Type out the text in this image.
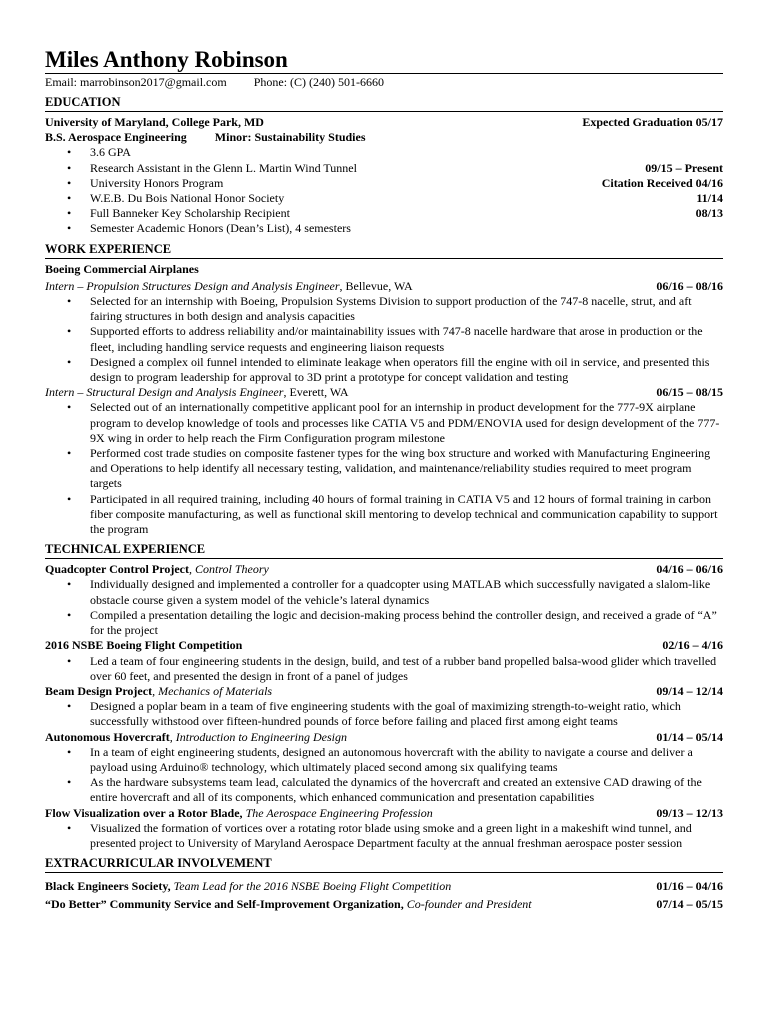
Miles Anthony Robinson
Email: marrobinson2017@gmail.com Phone: (C) (240) 501-6660
EDUCATION
University of Maryland, College Park, MD	Expected Graduation 05/17
B.S. Aerospace Engineering Minor: Sustainability Studies
• 3.6 GPA
• Research Assistant in the Glenn L. Martin Wind Tunnel	09/15 – Present
• University Honors Program	Citation Received 04/16
• W.E.B. Du Bois National Honor Society	11/14
• Full Banneker Key Scholarship Recipient	08/13
• Semester Academic Honors (Dean’s List), 4 semesters
WORK EXPERIENCE
Boeing Commercial Airplanes
Intern – Propulsion Structures Design and Analysis Engineer, Bellevue, WA	06/16 – 08/16
• Selected for an internship with Boeing, Propulsion Systems Division to support production of the 747-8 nacelle, strut, and aft fairing structures in both design and analysis capacities
• Supported efforts to address reliability and/or maintainability issues with 747-8 nacelle hardware that arose in production or the fleet, including handling service requests and engineering liaison requests
• Designed a complex oil funnel intended to eliminate leakage when operators fill the engine with oil in service, and presented this design to program leadership for approval to 3D print a prototype for concept validation and testing
Intern – Structural Design and Analysis Engineer, Everett, WA	06/15 – 08/15
• Selected out of an internationally competitive applicant pool for an internship in product development for the 777-9X airplane program to develop knowledge of tools and processes like CATIA V5 and PDM/ENOVIA used for design development of the 777-9X wing in order to help reach the Firm Configuration program milestone
• Performed cost trade studies on composite fastener types for the wing box structure and worked with Manufacturing Engineering and Operations to help identify all necessary testing, validation, and maintenance/reliability studies required to meet program targets
• Participated in all required training, including 40 hours of formal training in CATIA V5 and 12 hours of formal training in carbon fiber composite manufacturing, as well as functional skill mentoring to develop technical and communication capability to support the program
TECHNICAL EXPERIENCE
Quadcopter Control Project, Control Theory	04/16 – 06/16
• Individually designed and implemented a controller for a quadcopter using MATLAB which successfully navigated a slalom-like obstacle course given a system model of the vehicle’s lateral dynamics
• Compiled a presentation detailing the logic and decision-making process behind the controller design, and received a grade of “A” for the project
2016 NSBE Boeing Flight Competition	02/16 – 4/16
• Led a team of four engineering students in the design, build, and test of a rubber band propelled balsa-wood glider which travelled over 60 feet, and presented the design in front of a panel of judges
Beam Design Project, Mechanics of Materials	09/14 – 12/14
• Designed a poplar beam in a team of five engineering students with the goal of maximizing strength-to-weight ratio, which successfully withstood over fifteen-hundred pounds of force before failing and placed first among eight teams
Autonomous Hovercraft, Introduction to Engineering Design	01/14 – 05/14
• In a team of eight engineering students, designed an autonomous hovercraft with the ability to navigate a course and deliver a payload using Arduino® technology, which ultimately placed second among six qualifying teams
• As the hardware subsystems team lead, calculated the dynamics of the hovercraft and created an extensive CAD drawing of the entire hovercraft and all of its components, which enhanced communication and presentation capabilities
Flow Visualization over a Rotor Blade, The Aerospace Engineering Profession	09/13 – 12/13
• Visualized the formation of vortices over a rotating rotor blade using smoke and a green light in a makeshift wind tunnel, and presented project to University of Maryland Aerospace Department faculty at the annual freshman aerospace poster session
EXTRACURRICULAR INVOLVEMENT
Black Engineers Society, Team Lead for the 2016 NSBE Boeing Flight Competition	01/16 – 04/16
“Do Better” Community Service and Self-Improvement Organization, Co-founder and President	07/14 – 05/15
